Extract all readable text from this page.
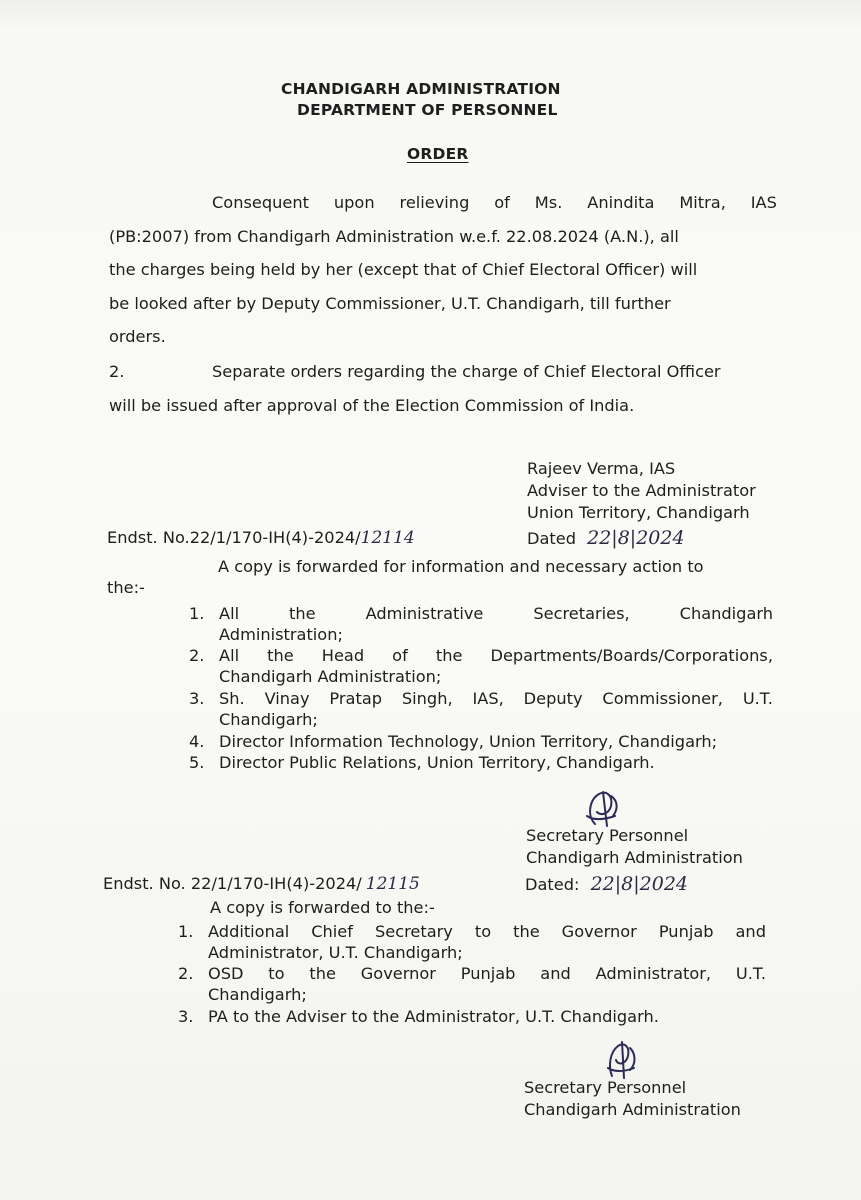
CHANDIGARH ADMINISTRATION
DEPARTMENT OF PERSONNEL
ORDER
Consequent upon relieving of Ms. Anindita Mitra, IAS
(PB:2007) from Chandigarh Administration w.e.f. 22.08.2024 (A.N.), all
the charges being held by her (except that of Chief Electoral Officer) will
be looked after by Deputy Commissioner, U.T. Chandigarh, till further
orders.
2.	Separate orders regarding the charge of Chief Electoral Officer
will be issued after approval of the Election Commission of India.
Rajeev Verma, IAS
Adviser to the Administrator
Union Territory, Chandigarh
Endst. No.22/1/170-IH(4)-2024/12114	Dated 22|8|2024
A copy is forwarded for information and necessary action to
the:-
1. All	the	Administrative	Secretaries,	Chandigarh
Administration;
2. All the Head of the Departments/Boards/Corporations,
Chandigarh Administration;
3. Sh. Vinay Pratap Singh, IAS, Deputy Commissioner, U.T.
Chandigarh;
4. Director Information Technology, Union Territory, Chandigarh;
5. Director Public Relations, Union Territory, Chandigarh.
Secretary Personnel
Chandigarh Administration
Endst. No. 22/1/170-IH(4)-2024/ 12115	Dated: 22|8|2024
A copy is forwarded to the:-
1. Additional Chief Secretary to the Governor Punjab and
Administrator, U.T. Chandigarh;
2. OSD to the Governor Punjab and Administrator, U.T.
Chandigarh;
3. PA to the Adviser to the Administrator, U.T. Chandigarh.
Secretary Personnel
Chandigarh Administration
